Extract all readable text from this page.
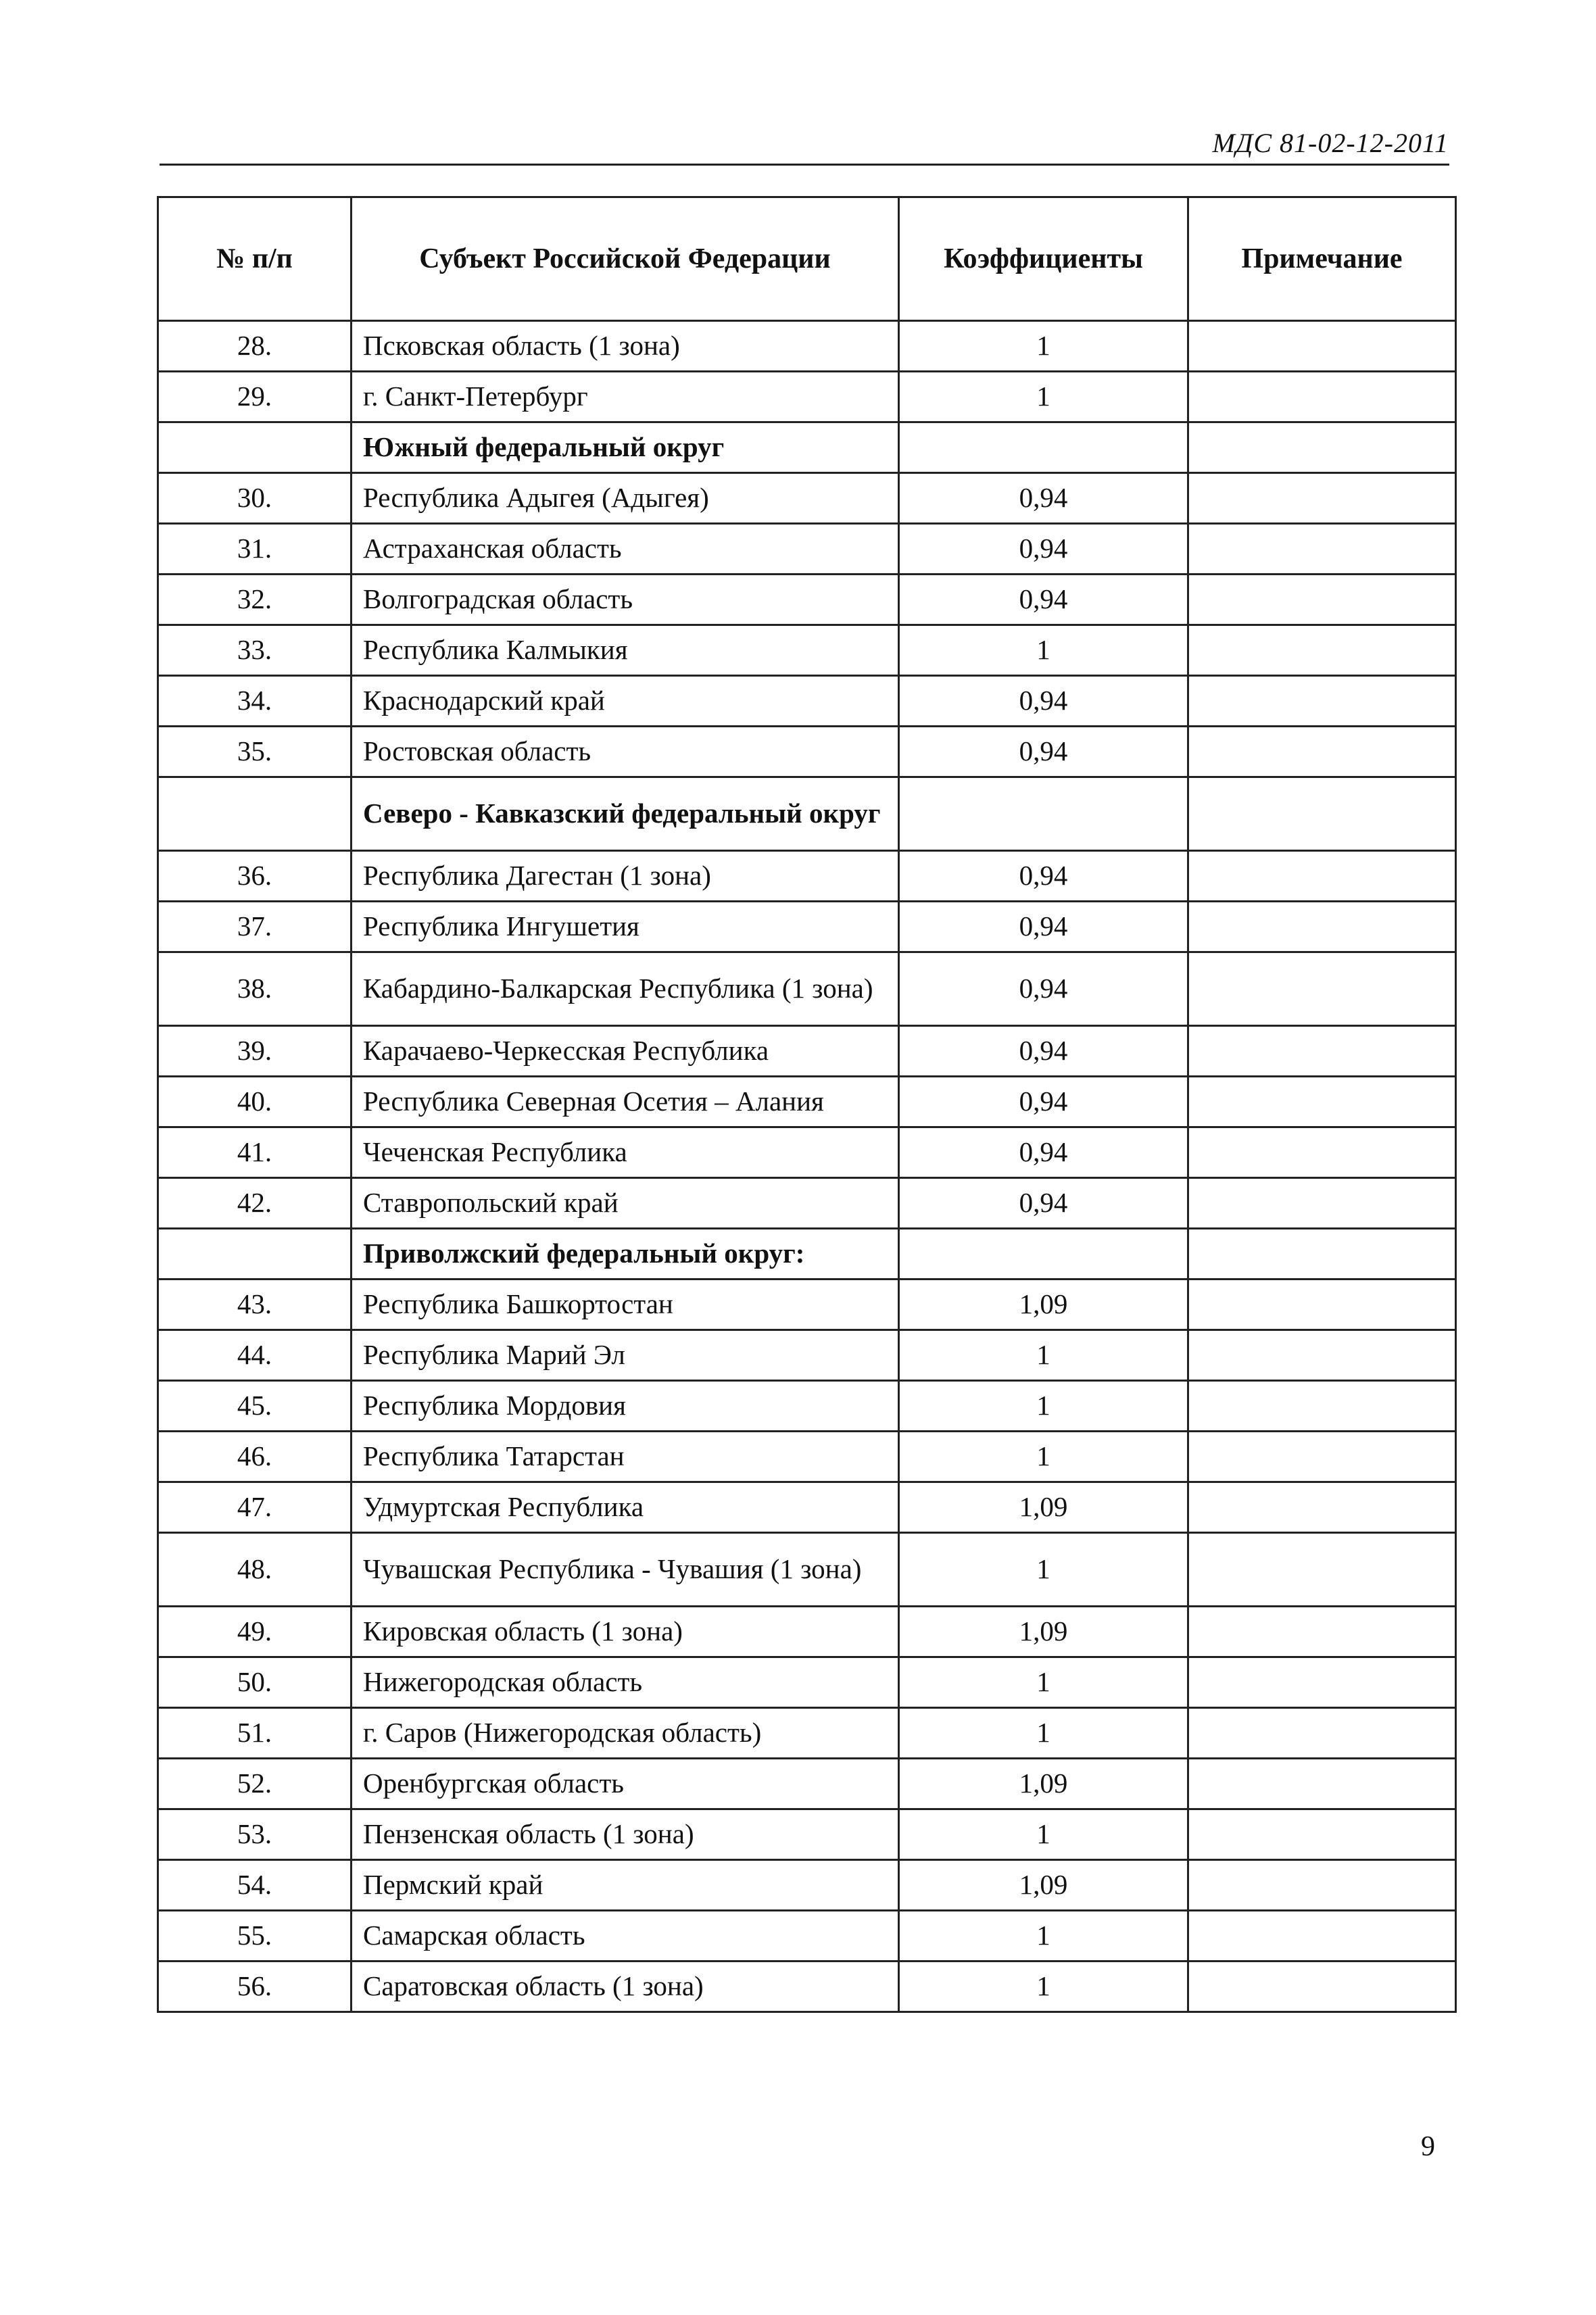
МДС 81-02-12-2011
№ п/п	Субъект Российской Федерации	Коэффициенты	Примечание
28.	Псковская область (1 зона)	1	
29.	г. Санкт-Петербург	1	
	Южный федеральный округ		
30.	Республика Адыгея (Адыгея)	0,94	
31.	Астраханская область	0,94	
32.	Волгоградская область	0,94	
33.	Республика Калмыкия	1	
34.	Краснодарский край	0,94	
35.	Ростовская область	0,94	
	Северо - Кавказский федеральный округ		
36.	Республика Дагестан (1 зона)	0,94	
37.	Республика Ингушетия	0,94	
38.	Кабардино-Балкарская Республика (1 зона)	0,94	
39.	Карачаево-Черкесская Республика	0,94	
40.	Республика Северная Осетия – Алания	0,94	
41.	Чеченская Республика	0,94	
42.	Ставропольский край	0,94	
	Приволжский федеральный округ:		
43.	Республика Башкортостан	1,09	
44.	Республика Марий Эл	1	
45.	Республика Мордовия	1	
46.	Республика Татарстан	1	
47.	Удмуртская Республика	1,09	
48.	Чувашская Республика - Чувашия (1 зона)	1	
49.	Кировская область (1 зона)	1,09	
50.	Нижегородская область	1	
51.	г. Саров (Нижегородская область)	1	
52.	Оренбургская область	1,09	
53.	Пензенская область (1 зона)	1	
54.	Пермский край	1,09	
55.	Самарская область	1	
56.	Саратовская область (1 зона)	1	
9
